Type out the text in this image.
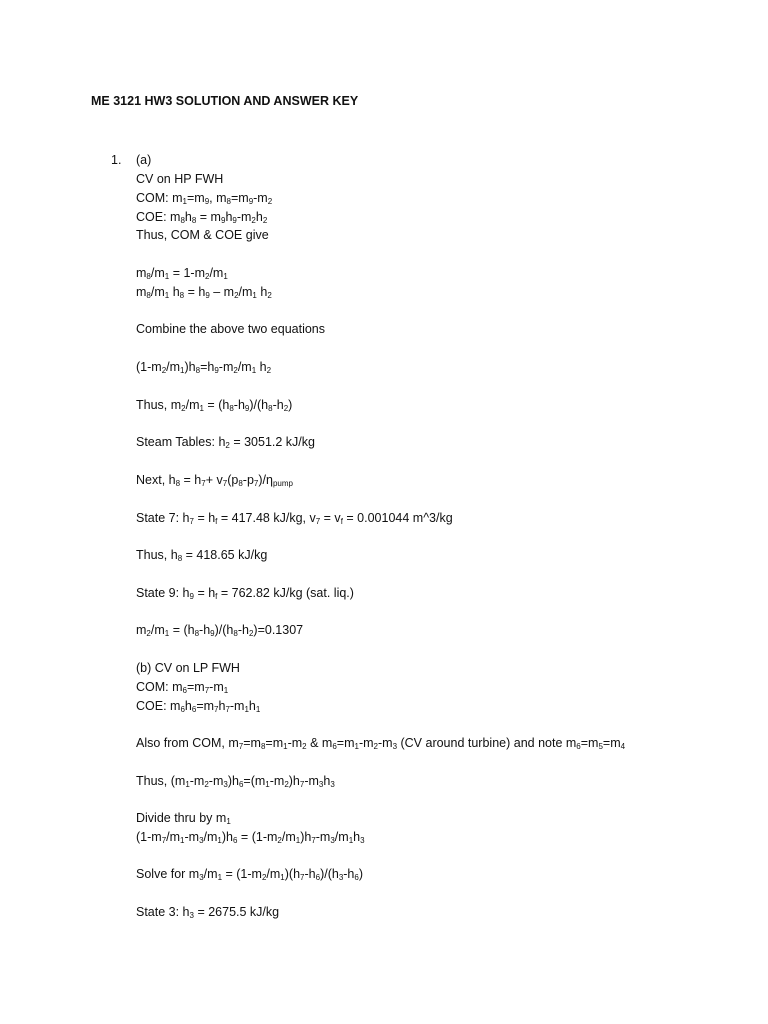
ME 3121 HW3 SOLUTION AND ANSWER KEY
1. (a)
CV on HP FWH
COM: $m_1=m_9$, $m_8=m_9-m_2$
COE: $m_8h_8 = m_9h_9-m_2h_2$
Thus, COM & COE give
$m_8/m_1 = 1-m_2/m_1$
$m_8/m_1$ $h_8 = h_9 - m_2/m_1$ $h_2$
Combine the above two equations
$(1-m_2/m_1)h_8=h_9-m_2/m_1$ $h_2$
Thus, $m_2/m_1 = (h_8-h_9)/(h_8-h_2)$
Steam Tables: $h_2 = 3051.2$ kJ/kg
Next, $h_8 = h_7+ v_7(p_8-p_7)/\eta_{pump}$
State 7: $h_7 = h_f = 417.48$ kJ/kg, $v_7 = v_f = 0.001044$ m^3/kg
Thus, $h_8 = 418.65$ kJ/kg
State 9: $h_9 = h_f = 762.82$ kJ/kg (sat. liq.)
$m_2/m_1 = (h_8-h_9)/(h_8-h_2)=0.1307$
(b) CV on LP FWH
COM: $m_6=m_7-m_1$
COE: $m_6h_6=m_7h_7-m_1h_1$
Also from COM, $m_7=m_8=m_1-m_2$ & $m_6=m_1-m_2-m_3$ (CV around turbine) and note $m_6=m_5=m_4$
Thus, $(m_1-m_2-m_3)h_6=(m_1-m_2)h_7-m_3h_3$
Divide thru by $m_1$
$(1-m_7/m_1-m_3/m_1)h_6 = (1-m_2/m_1)h_7-m_3/m_1h_3$
Solve for $m_3/m_1 = (1-m_2/m_1)(h_7-h_6)/(h_3-h_6)$
State 3: $h_3 = 2675.5$ kJ/kg
